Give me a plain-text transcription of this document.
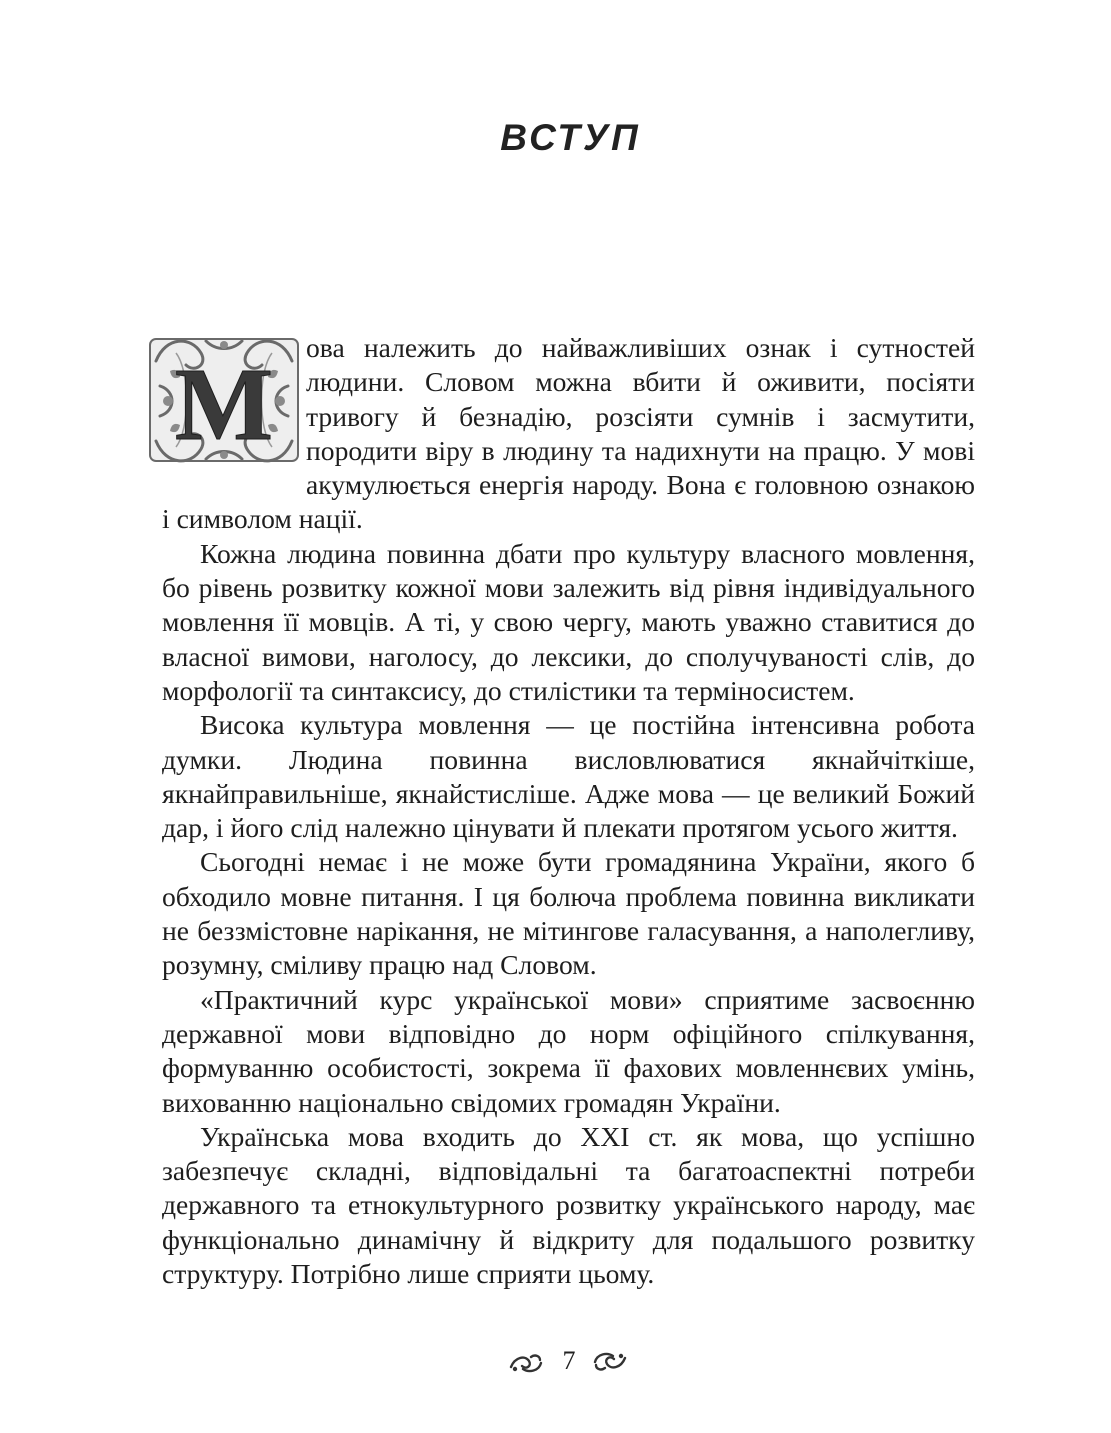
ВСТУП

М ова належить до найважливіших ознак і сутностей людини. Словом можна вбити й оживити, посіяти тривогу й безнадію, розсіяти сумнів і засмутити, породити віру в людину та надихнути на працю. У мові акумулюється енергія народу. Вона є головною ознакою і символом нації.

Кожна людина повинна дбати про культуру власного мовлення, бо рівень розвитку кожної мови залежить від рівня індивідуального мовлення її мовців. А ті, у свою чергу, мають уважно ставитися до власної вимови, наголосу, до лексики, до сполучуваності слів, до морфології та синтаксису, до стилістики та терміносистем.

Висока культура мовлення — це постійна інтенсивна робота думки. Людина повинна висловлюватися якнайчіткіше, якнайправильніше, якнайстисліше. Адже мова — це великий Божий дар, і його слід належно цінувати й плекати протягом усього життя.

Сьогодні немає і не може бути громадянина України, якого б обходило мовне питання. І ця болюча проблема повинна викликати не беззмістовне нарікання, не мітингове галасування, а наполегливу, розумну, сміливу працю над Словом.

«Практичний курс української мови» сприятиме засвоєнню державної мови відповідно до норм офіційного спілкування, формуванню особистості, зокрема її фахових мовленнєвих умінь, вихованню національно свідомих громадян України.

Українська мова входить до ХХІ ст. як мова, що успішно забезпечує складні, відповідальні та багатоаспектні потреби державного та етнокультурного розвитку українського народу, має функціонально динамічну й відкриту для подальшого розвитку структуру. Потрібно лише сприяти цьому.

7
